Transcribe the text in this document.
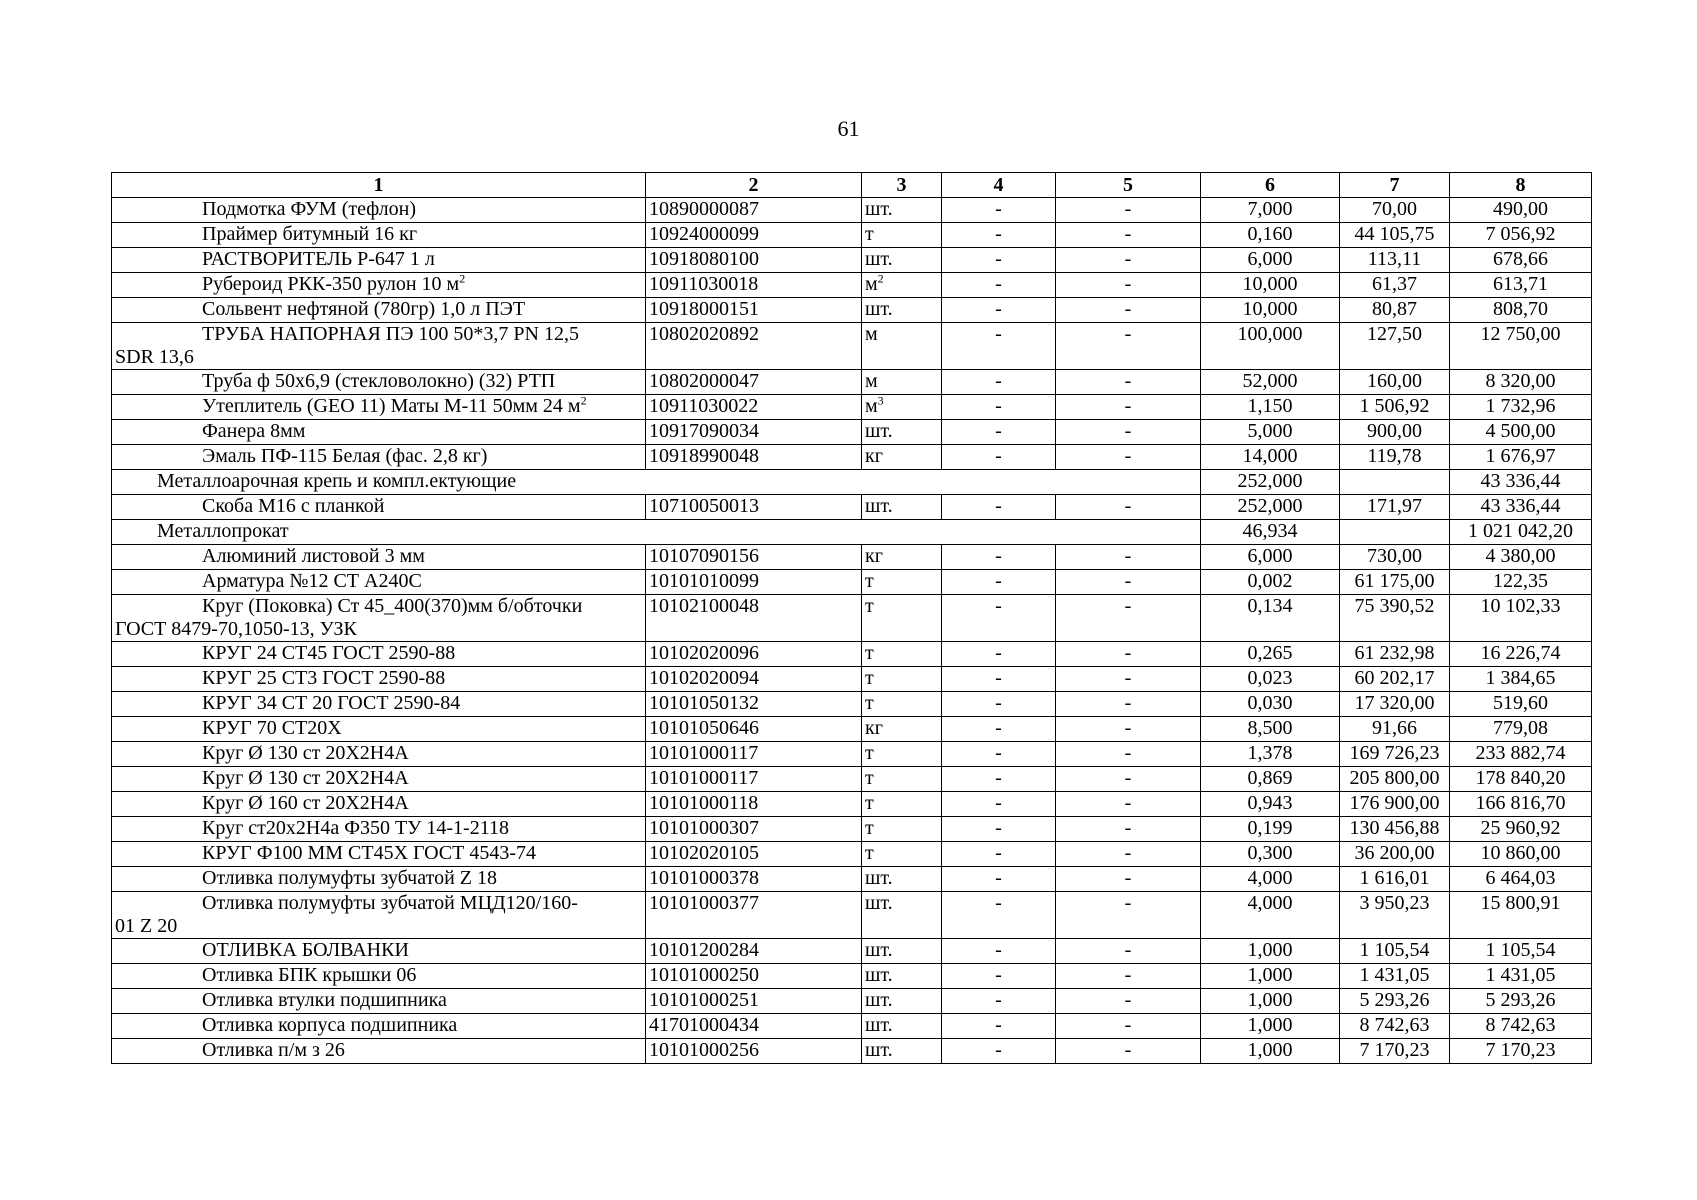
61
1	2	3	4	5	6	7	8

Подмотка ФУМ (тефлон)	10890000087	шт.	-	-	7,000	70,00	490,00

Праймер битумный 16 кг	10924000099	т	-	-	0,160	44 105,75	7 056,92

РАСТВОРИТЕЛЬ Р-647 1 л	10918080100	шт.	-	-	6,000	113,11	678,66

Рубероид РКК-350 рулон 10 $м^2$	10911030018	$м^2$	-	-	10,000	61,37	613,71

Сольвент нефтяной (780гр) 1,0 л ПЭТ	10918000151	шт.	-	-	10,000	80,87	808,70

ТРУБА НАПОРНАЯ ПЭ 100 50*3,7 PN 12,5
SDR 13,6	10802020892	м	-	-	100,000	127,50	12 750,00

Труба ф 50х6,9 (стекловолокно) (32) РТП	10802000047	м	-	-	52,000	160,00	8 320,00

Утеплитель (GEO 11) Маты М-11 50мм 24 $м^2$	10911030022	$м^3$	-	-	1,150	1 506,92	1 732,96

Фанера 8мм	10917090034	шт.	-	-	5,000	900,00	4 500,00

Эмаль ПФ-115 Белая (фас. 2,8 кг)	10918990048	кг	-	-	14,000	119,78	1 676,97
Металлоарочная крепь и компл.ектующие					252,000		43 336,44

Скоба М16 с планкой	10710050013	шт.	-	-	252,000	171,97	43 336,44
Металлопрокат					46,934		1 021 042,20

Алюминий листовой 3 мм	10107090156	кг	-	-	6,000	730,00	4 380,00

Арматура №12 СТ А240С	10101010099	т	-	-	0,002	61 175,00	122,35

Круг (Поковка) Ст 45_400(370)мм б/обточки
ГОСТ 8479-70,1050-13, УЗК	10102100048	т	-	-	0,134	75 390,52	10 102,33

КРУГ 24 СТ45 ГОСТ 2590-88	10102020096	т	-	-	0,265	61 232,98	16 226,74

КРУГ 25 СТ3 ГОСТ 2590-88	10102020094	т	-	-	0,023	60 202,17	1 384,65

КРУГ 34 СТ 20 ГОСТ 2590-84	10101050132	т	-	-	0,030	17 320,00	519,60

КРУГ 70 СТ20Х	10101050646	кг	-	-	8,500	91,66	779,08

Круг Ø 130 ст 20Х2Н4А	10101000117	т	-	-	1,378	169 726,23	233 882,74

Круг Ø 130 ст 20Х2Н4А	10101000117	т	-	-	0,869	205 800,00	178 840,20

Круг Ø 160 ст 20Х2Н4А	10101000118	т	-	-	0,943	176 900,00	166 816,70

Круг ст20х2Н4а Ф350 ТУ 14-1-2118	10101000307	т	-	-	0,199	130 456,88	25 960,92

КРУГ Ф100 ММ СТ45Х ГОСТ 4543-74	10102020105	т	-	-	0,300	36 200,00	10 860,00

Отливка полумуфты зубчатой Z 18	10101000378	шт.	-	-	4,000	1 616,01	6 464,03

Отливка полумуфты зубчатой МЦД120/160-
01 Z 20	10101000377	шт.	-	-	4,000	3 950,23	15 800,91

ОТЛИВКА БОЛВАНКИ	10101200284	шт.	-	-	1,000	1 105,54	1 105,54

Отливка БПК крышки 06	10101000250	шт.	-	-	1,000	1 431,05	1 431,05

Отливка втулки подшипника	10101000251	шт.	-	-	1,000	5 293,26	5 293,26

Отливка корпуса подшипника	41701000434	шт.	-	-	1,000	8 742,63	8 742,63

Отливка п/м з 26	10101000256	шт.	-	-	1,000	7 170,23	7 170,23
